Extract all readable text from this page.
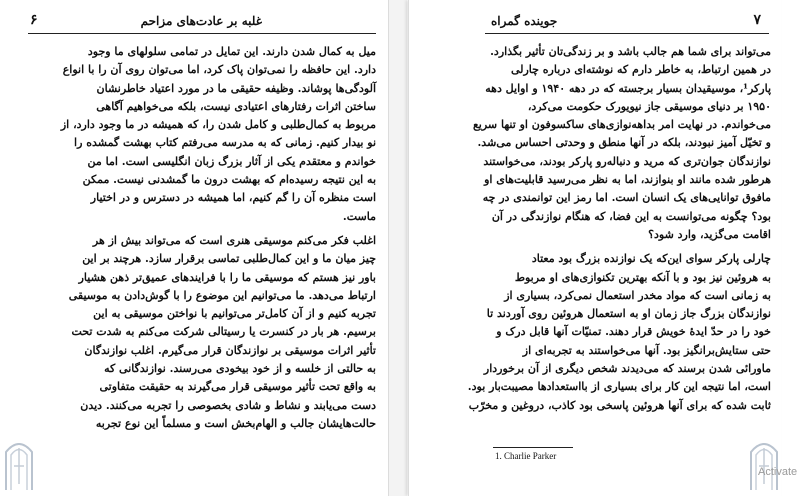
۶	غلبه بر عادت‌های مزاحم
میل به کمال شدن دارند. این تمایل در تمامی سلولهای ما وجود
دارد. این حافظه را نمی‌توان پاک کرد، اما می‌توان روی آن را با انواع
آلودگی‌ها پوشاند. وظیفه حقیقی ما در مورد اعتیاد خاطرنشان
ساختن اثرات رفتارهای اعتیادی نیست، بلکه می‌خواهیم آگاهی
مربوط به کمال‌طلبی و کامل شدن را، که همیشه در ما وجود دارد، از
نو بیدار کنیم. زمانی که به مدرسه می‌رفتم کتاب بهشت گمشده را
خواندم و معتقدم یکی از آثار بزرگ زبان انگلیسی است. اما من
به این نتیجه رسیده‌ام که بهشت درون ما گمشدنی نیست. ممکن
است منظره آن را گم کنیم، اما همیشه در دسترس و در اختیار
ماست.
اغلب فکر می‌کنم موسیقی هنری است که می‌تواند بیش از هر
چیز میان ما و این کمال‌طلبی تماسی برقرار سازد. هرچند بر این
باور نیز هستم که موسیقی ما را با فرایندهای عمیق‌تر ذهن هشیار
ارتباط می‌دهد. ما می‌توانیم این موضوع را با گوش‌دادن به موسیقی
تجربه کنیم و از آن کامل‌تر می‌توانیم با نواختن موسیقی به این
برسیم. هر بار در کنسرت یا رسیتالی شرکت می‌کنم به شدت تحت
تأثیر اثرات موسیقی بر نوازندگان قرار می‌گیرم. اغلب نوازندگان
به حالتی از خلسه و از خود بیخودی می‌رسند. نوازندگانی که
به واقع تحت تأثیر موسیقی قرار می‌گیرند به حقیقت متفاوتی
دست می‌یابند و نشاط و شادی بخصوصی را تجربه می‌کنند. دیدن
حالت‌هایشان جالب و الهام‌بخش است و مسلماً این نوع تجربه
جوینده گمراه	۷
می‌تواند برای شما هم جالب باشد و بر زندگی‌تان تأثیر بگذارد.
در همین ارتباط، به خاطر دارم که نوشته‌ای درباره چارلی
پارکر¹، موسیقیدان بسیار برجسته که در دهه ۱۹۴۰ و اوایل دهه
۱۹۵۰ بر دنیای موسیقی جاز نیویورک حکومت می‌کرد،
می‌خواندم. در نهایت امر بداهه‌نوازی‌های ساکسوفون او تنها سریع
و تخیّل آمیز نبودند، بلکه در آنها منطق و وحدتی احساس می‌شد.
نوازندگان جوان‌تری که مرید و دنباله‌رو پارکر بودند، می‌خواستند
هرطور شده مانند او بنوازند، اما به نظر می‌رسید قابلیت‌های او
مافوق توانایی‌های یک انسان است. اما رمز این توانمندی در چه
بود؟ چگونه می‌توانست به این فضا، که هنگام نوازندگی در آن
اقامت می‌گزید، وارد شود؟
چارلی پارکر سوای این‌که یک نوازنده بزرگ بود معتاد
به هروئین نیز بود و با آنکه بهترین تکنوازی‌های او مربوط
به زمانی است که مواد مخدر استعمال نمی‌کرد، بسیاری از
نوازندگان بزرگ جاز زمان او به استعمال هروئین روی آوردند تا
خود را در حدّ ایدهٔ خویش قرار دهند. تمنیّات آنها قابل درک و
حتی ستایش‌برانگیز بود. آنها می‌خواستند به تجربه‌ای از
ماورائی شدن برسند که می‌دیدند شخص دیگری از آن برخوردار
است، اما نتیجه این کار برای بسیاری از بااستعدادها مصیبت‌بار بود.
ثابت شده که برای آنها هروئین پاسخی بود کاذب، دروغین و مخرّب
1. Charlie Parker
Activate
